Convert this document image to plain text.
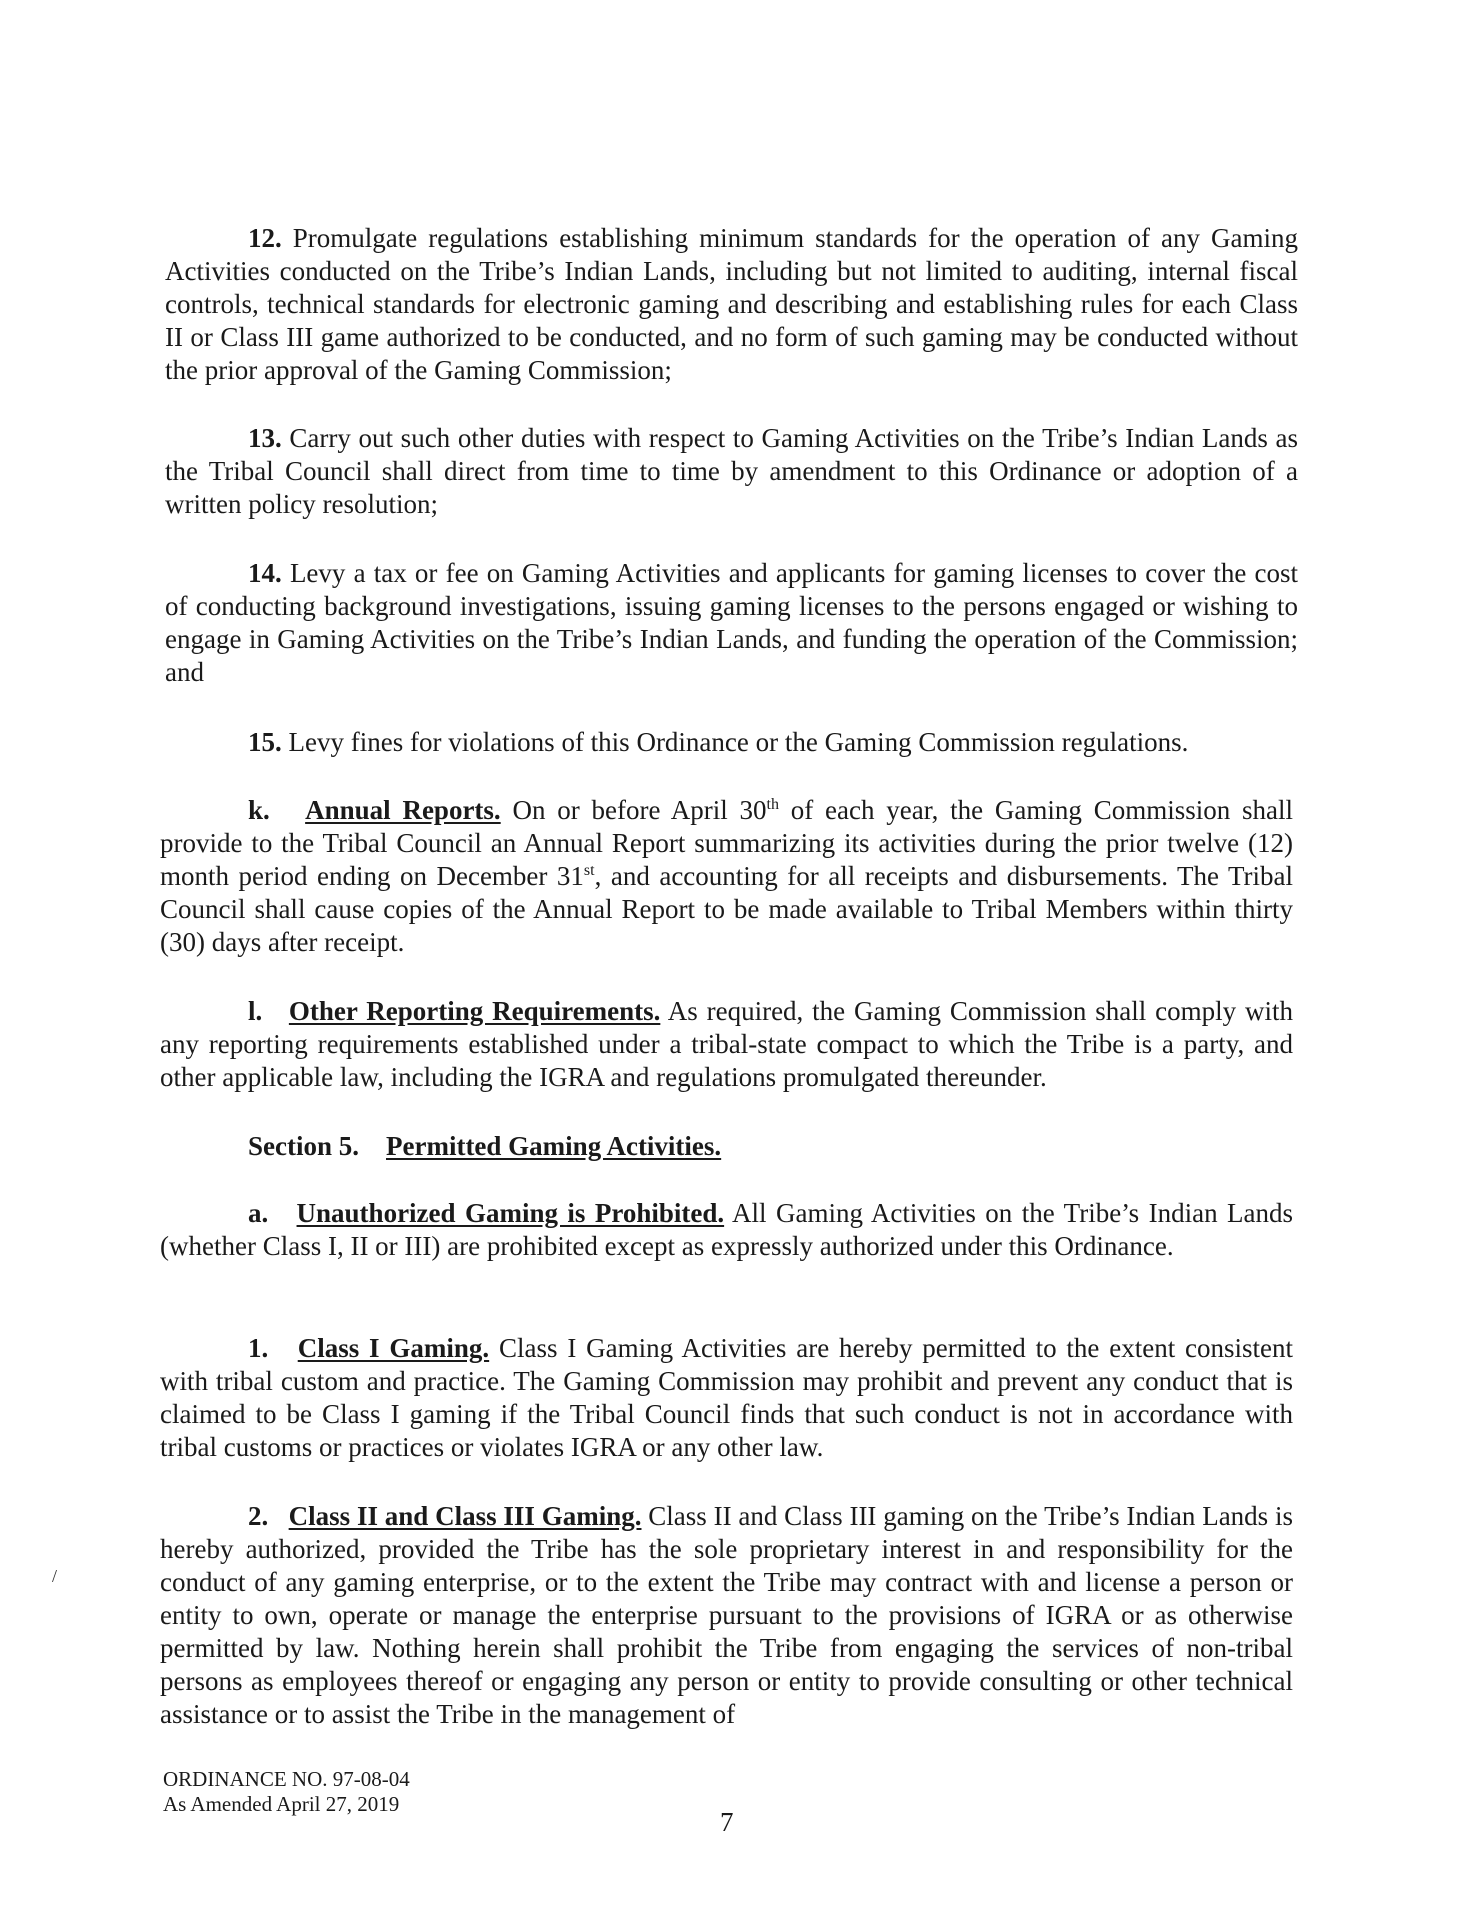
12. Promulgate regulations establishing minimum standards for the operation of any Gaming Activities conducted on the Tribe’s Indian Lands, including but not limited to auditing, internal fiscal controls, technical standards for electronic gaming and describing and establishing rules for each Class II or Class III game authorized to be conducted, and no form of such gaming may be conducted without the prior approval of the Gaming Commission;

13. Carry out such other duties with respect to Gaming Activities on the Tribe’s Indian Lands as the Tribal Council shall direct from time to time by amendment to this Ordinance or adoption of a written policy resolution;

14. Levy a tax or fee on Gaming Activities and applicants for gaming licenses to cover the cost of conducting background investigations, issuing gaming licenses to the persons engaged or wishing to engage in Gaming Activities on the Tribe’s Indian Lands, and funding the operation of the Commission; and

15. Levy fines for violations of this Ordinance or the Gaming Commission regulations.

k. Annual Reports. On or before April 30th of each year, the Gaming Commission shall provide to the Tribal Council an Annual Report summarizing its activities during the prior twelve (12) month period ending on December 31st, and accounting for all receipts and disbursements. The Tribal Council shall cause copies of the Annual Report to be made available to Tribal Members within thirty (30) days after receipt.

l. Other Reporting Requirements. As required, the Gaming Commission shall comply with any reporting requirements established under a tribal-state compact to which the Tribe is a party, and other applicable law, including the IGRA and regulations promulgated thereunder.

Section 5. Permitted Gaming Activities.

a. Unauthorized Gaming is Prohibited. All Gaming Activities on the Tribe’s Indian Lands (whether Class I, II or III) are prohibited except as expressly authorized under this Ordinance.

1. Class I Gaming. Class I Gaming Activities are hereby permitted to the extent consistent with tribal custom and practice. The Gaming Commission may prohibit and prevent any conduct that is claimed to be Class I gaming if the Tribal Council finds that such conduct is not in accordance with tribal customs or practices or violates IGRA or any other law.

2. Class II and Class III Gaming. Class II and Class III gaming on the Tribe’s Indian Lands is hereby authorized, provided the Tribe has the sole proprietary interest in and responsibility for the conduct of any gaming enterprise, or to the extent the Tribe may contract with and license a person or entity to own, operate or manage the enterprise pursuant to the provisions of IGRA or as otherwise permitted by law. Nothing herein shall prohibit the Tribe from engaging the services of non-tribal persons as employees thereof or engaging any person or entity to provide consulting or other technical assistance or to assist the Tribe in the management of

/
ORDINANCE NO. 97-08-04
As Amended April 27, 2019
7
